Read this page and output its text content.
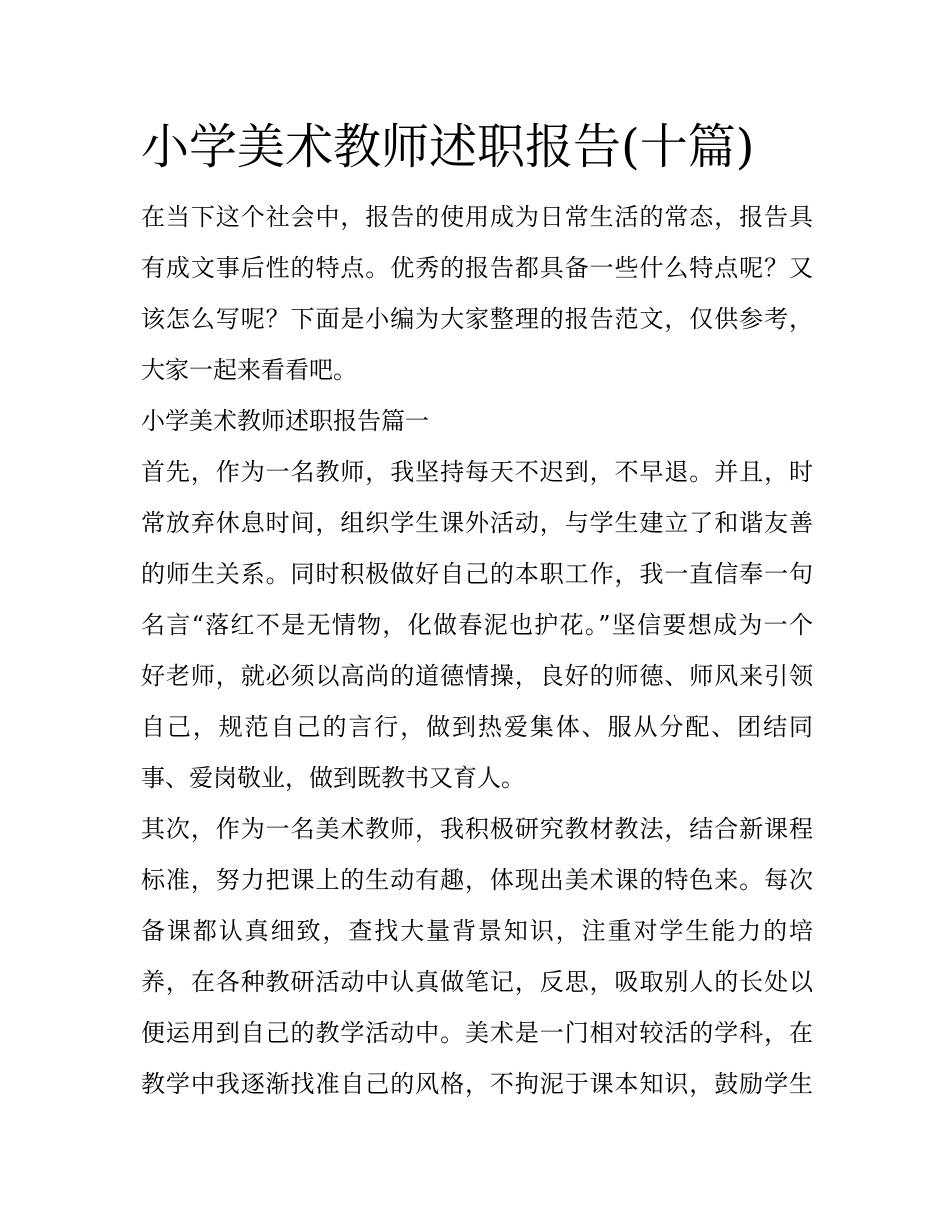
小学美术教师述职报告(十篇)
在当下这个社会中，报告的使用成为日常生活的常态，报告具
有成文事后性的特点。优秀的报告都具备一些什么特点呢？又
该怎么写呢？下面是小编为大家整理的报告范文，仅供参考，
大家一起来看看吧。
小学美术教师述职报告篇一
首先，作为一名教师，我坚持每天不迟到，不早退。并且，时
常放弃休息时间，组织学生课外活动，与学生建立了和谐友善
的师生关系。同时积极做好自己的本职工作，我一直信奉一句
名言“落红不是无情物，化做春泥也护花。”坚信要想成为一个
好老师，就必须以高尚的道德情操，良好的师德、师风来引领
自己，规范自己的言行，做到热爱集体、服从分配、团结同
事、爱岗敬业，做到既教书又育人。
其次，作为一名美术教师，我积极研究教材教法，结合新课程
标准，努力把课上的生动有趣，体现出美术课的特色来。每次
备课都认真细致，查找大量背景知识，注重对学生能力的培
养，在各种教研活动中认真做笔记，反思，吸取别人的长处以
便运用到自己的教学活动中。美术是一门相对较活的学科，在
教学中我逐渐找准自己的风格，不拘泥于课本知识，鼓励学生
